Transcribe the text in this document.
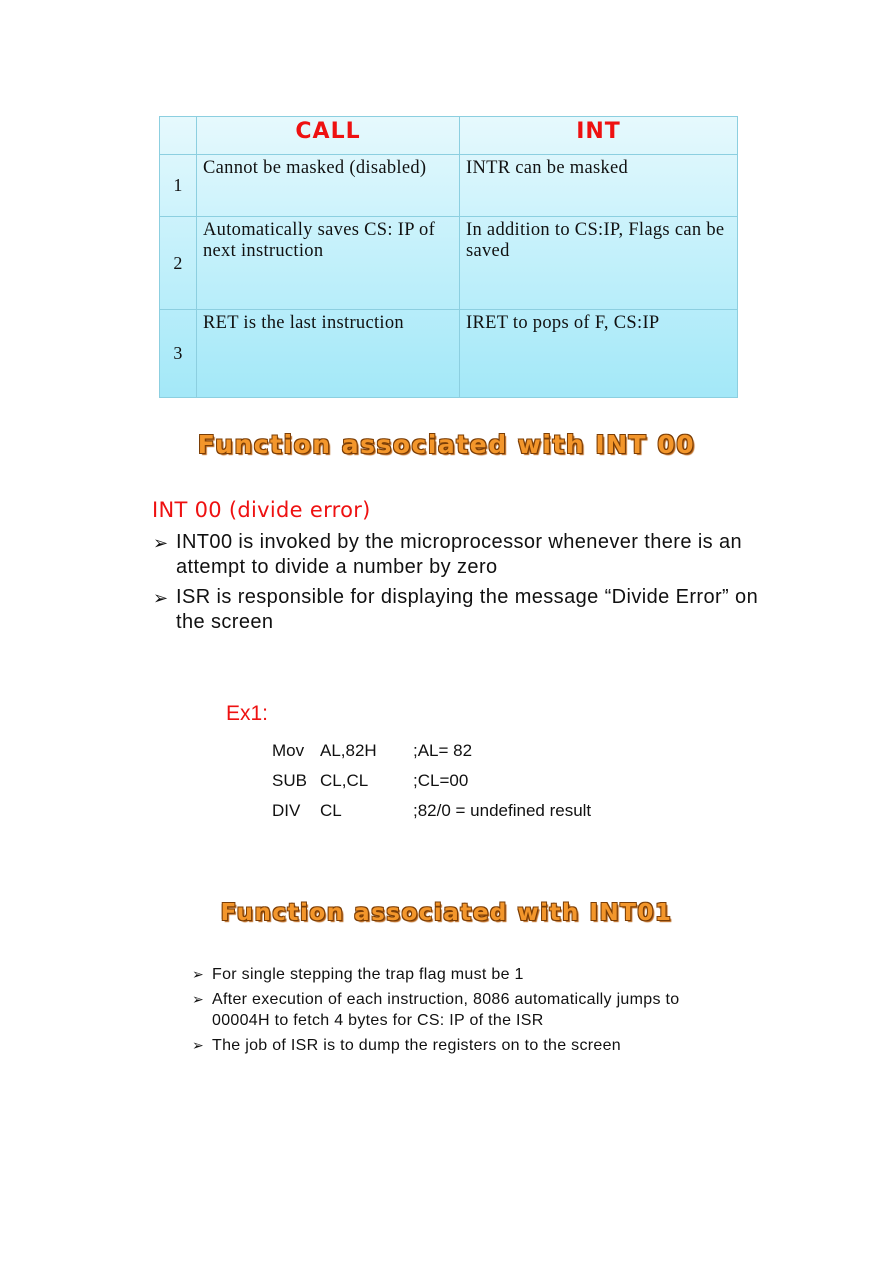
	CALL	INT
1	Cannot be masked (disabled)	INTR can be masked
2	Automatically saves CS: IP of next instruction	In addition to CS:IP, Flags can be saved
3	RET is the last instruction	IRET to pops of F, CS:IP
Function associated with INT 00
INT 00 (divide error)
➢ INT00 is invoked by the microprocessor whenever there is an attempt to divide a number by zero
➢ ISR is responsible for displaying the message “Divide Error” on the screen
Ex1:
Mov AL,82H	;AL= 82
SUB CL,CL	;CL=00
DIV	CL	;82/0 = undefined result
Function associated with INT01
➢ For single stepping the trap flag must be 1
➢ After execution of each instruction, 8086 automatically jumps to 00004H to fetch 4 bytes for CS: IP of the ISR
➢ The job of ISR is to dump the registers on to the screen
